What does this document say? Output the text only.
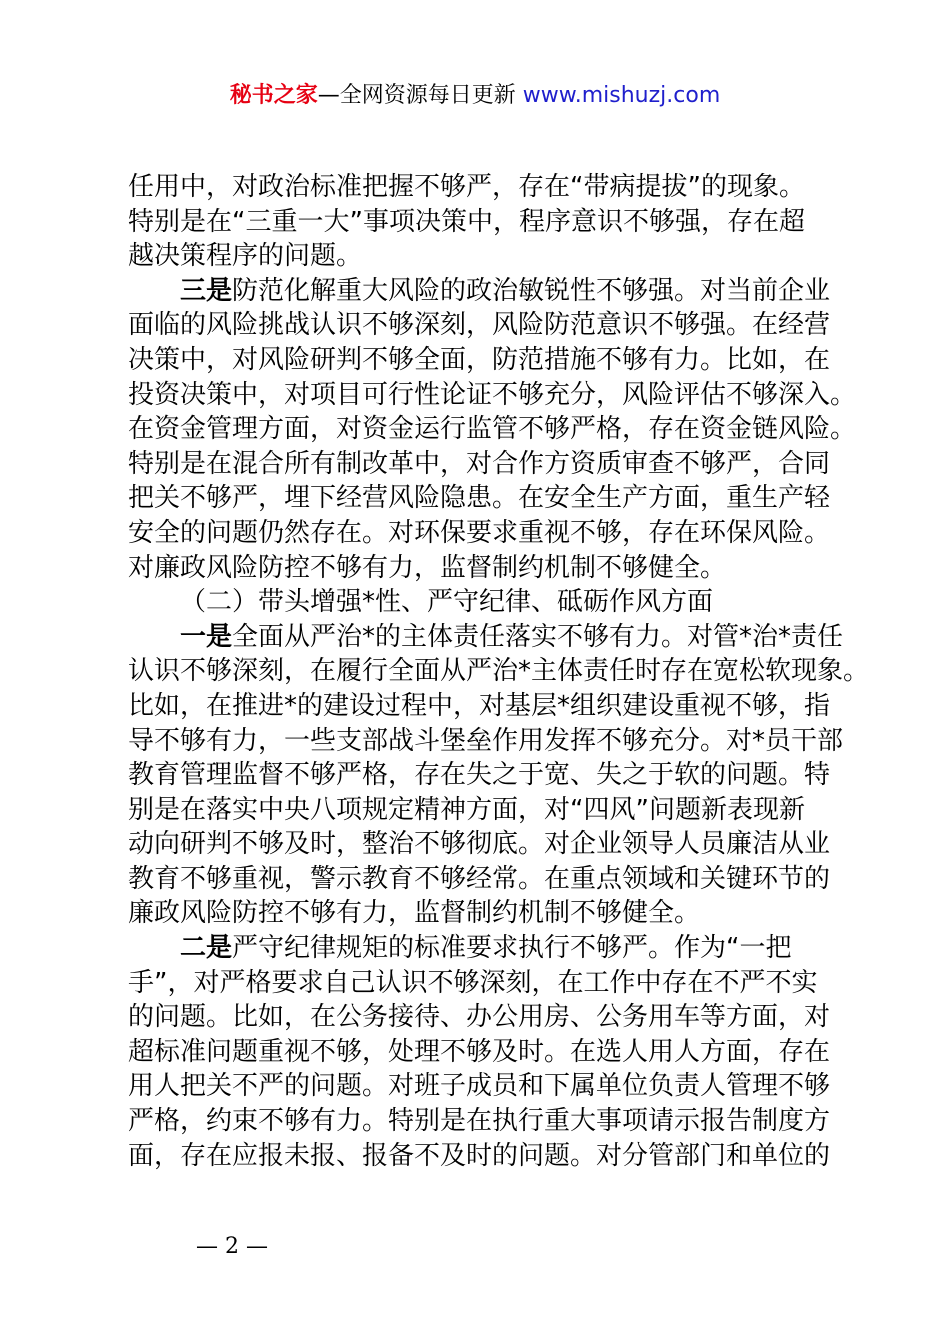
秘书之家—全网资源每日更新 www.mishuzj.com
任用中，对政治标准把握不够严，存在“带病提拔”的现象。
特别是在“三重一大”事项决策中，程序意识不够强，存在超
越决策程序的问题。
三是防范化解重大风险的政治敏锐性不够强。对当前企业
面临的风险挑战认识不够深刻，风险防范意识不够强。在经营
决策中，对风险研判不够全面，防范措施不够有力。比如，在
投资决策中，对项目可行性论证不够充分，风险评估不够深入。
在资金管理方面，对资金运行监管不够严格，存在资金链风险。
特别是在混合所有制改革中，对合作方资质审查不够严，合同
把关不够严，埋下经营风险隐患。在安全生产方面，重生产轻
安全的问题仍然存在。对环保要求重视不够，存在环保风险。
对廉政风险防控不够有力，监督制约机制不够健全。
（二）带头增强*性、严守纪律、砥砺作风方面
一是全面从严治*的主体责任落实不够有力。对管*治*责任
认识不够深刻，在履行全面从严治*主体责任时存在宽松软现象。
比如，在推进*的建设过程中，对基层*组织建设重视不够，指
导不够有力，一些支部战斗堡垒作用发挥不够充分。对*员干部
教育管理监督不够严格，存在失之于宽、失之于软的问题。特
别是在落实中央八项规定精神方面，对“四风”问题新表现新
动向研判不够及时，整治不够彻底。对企业领导人员廉洁从业
教育不够重视，警示教育不够经常。在重点领域和关键环节的
廉政风险防控不够有力，监督制约机制不够健全。
二是严守纪律规矩的标准要求执行不够严。作为“一把
手”，对严格要求自己认识不够深刻，在工作中存在不严不实
的问题。比如，在公务接待、办公用房、公务用车等方面，对
超标准问题重视不够，处理不够及时。在选人用人方面，存在
用人把关不严的问题。对班子成员和下属单位负责人管理不够
严格，约束不够有力。特别是在执行重大事项请示报告制度方
面，存在应报未报、报备不及时的问题。对分管部门和单位的
— 2 —
